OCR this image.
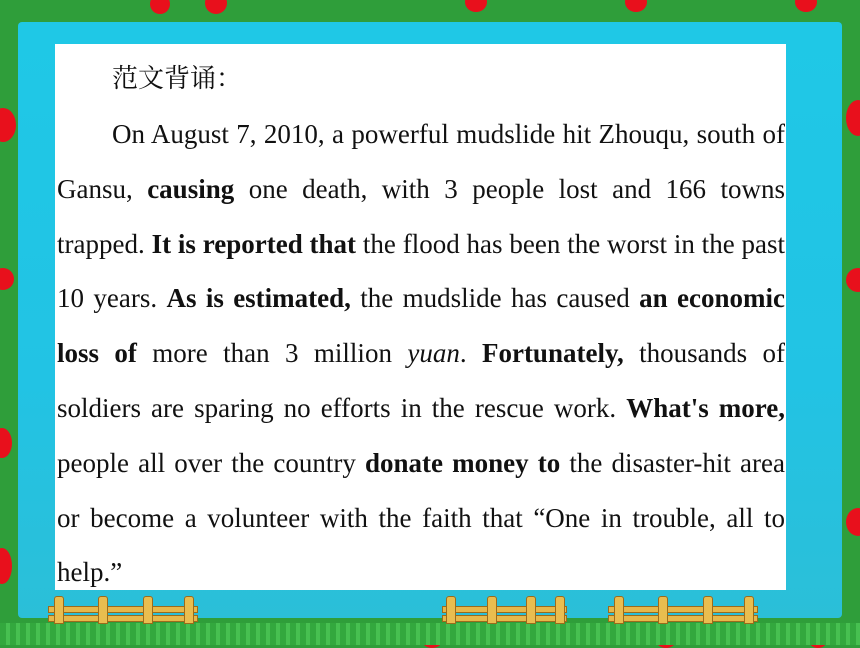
范文背诵：
On August 7, 2010, a powerful mudslide hit Zhouqu, south of Gansu, causing one death, with 3 people lost and 166 towns trapped. It is reported that the flood has been the worst in the past 10 years. As is estimated, the mudslide has caused an economic loss of more than 3 million yuan. Fortunately, thousands of soldiers are sparing no efforts in the rescue work. What's more, people all over the country donate money to the disaster-hit area or become a volunteer with the faith that “One in trouble, all to help.”
